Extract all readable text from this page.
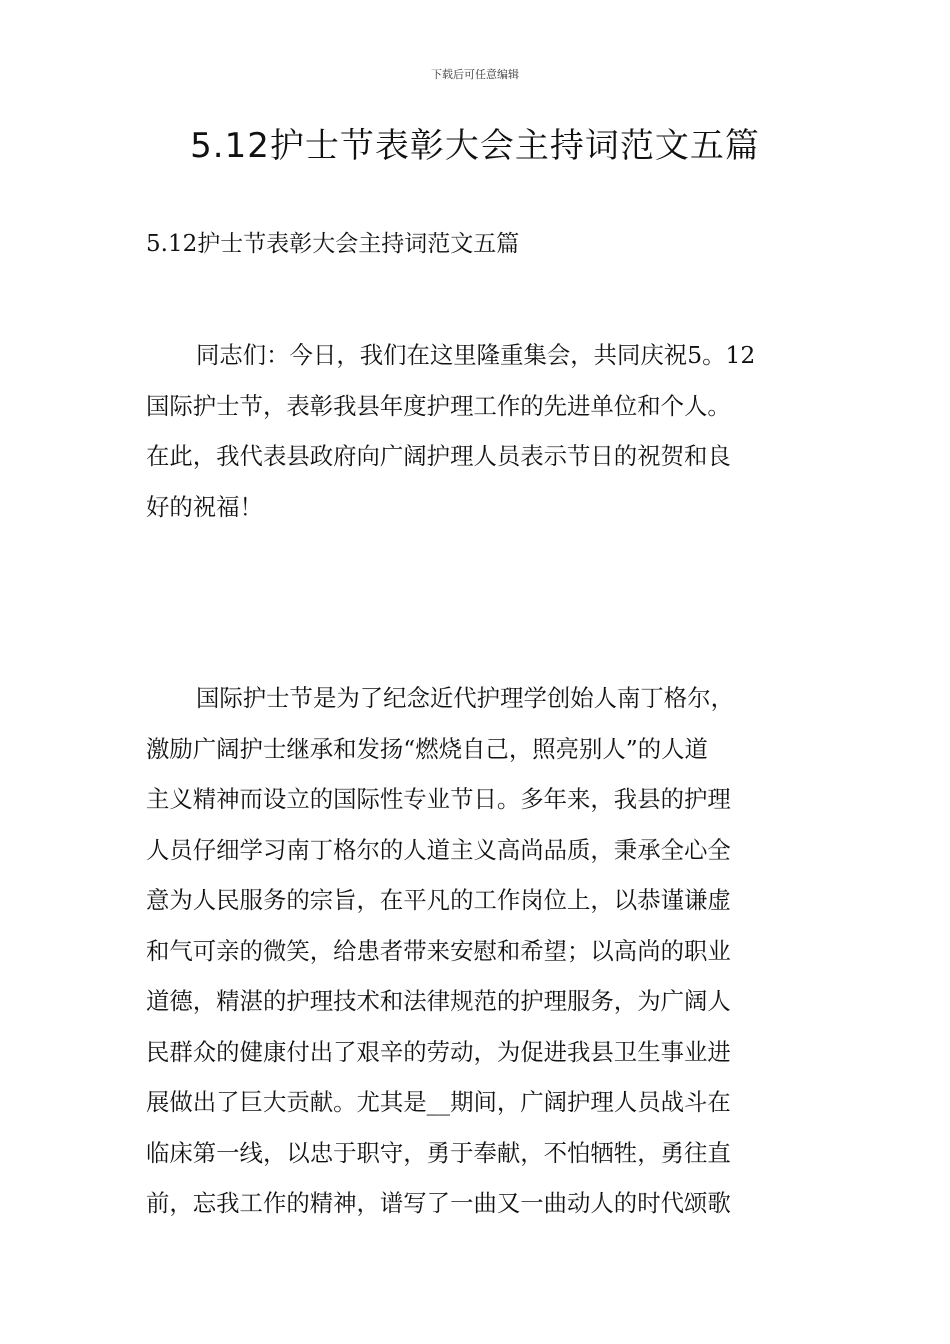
下载后可任意编辑
5.12护士节表彰大会主持词范文五篇
5.12护士节表彰大会主持词范文五篇
同志们：今日，我们在这里隆重集会，共同庆祝5。12
国际护士节，表彰我县年度护理工作的先进单位和个人。
在此，我代表县政府向广阔护理人员表示节日的祝贺和良
好的祝福！
国际护士节是为了纪念近代护理学创始人南丁格尔，
激励广阔护士继承和发扬“燃烧自己，照亮别人”的人道
主义精神而设立的国际性专业节日。多年来，我县的护理
人员仔细学习南丁格尔的人道主义高尚品质，秉承全心全
意为人民服务的宗旨，在平凡的工作岗位上，以恭谨谦虚
和气可亲的微笑，给患者带来安慰和希望；以高尚的职业
道德，精湛的护理技术和法律规范的护理服务，为广阔人
民群众的健康付出了艰辛的劳动，为促进我县卫生事业进
展做出了巨大贡献。尤其是__期间，广阔护理人员战斗在
临床第一线，以忠于职守，勇于奉献，不怕牺牲，勇往直
前，忘我工作的精神，谱写了一曲又一曲动人的时代颂歌
